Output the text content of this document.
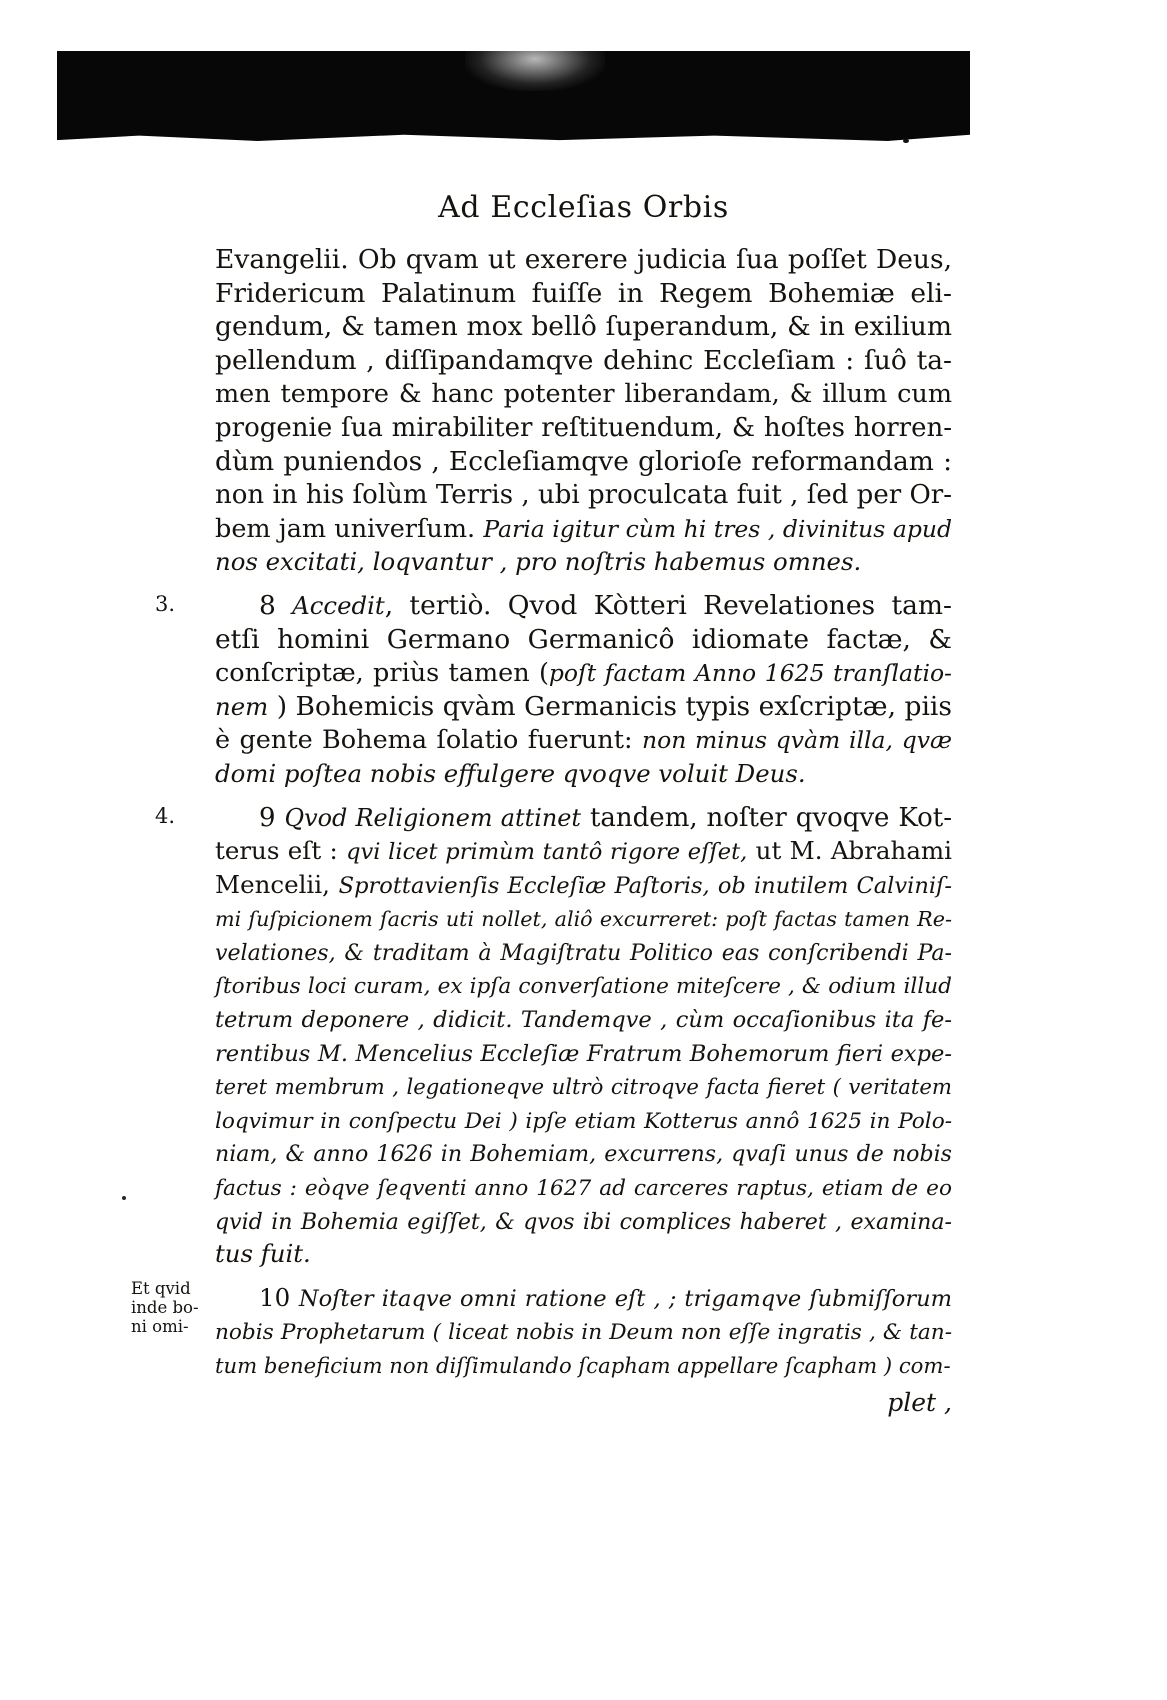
Ad Eccleſias Orbis
Evangelii. Ob qvam ut exerere judicia ſua poſſet Deus,
Fridericum Palatinum fuiſſe in Regem Bohemiæ eli-
gendum, & tamen mox bellô ſuperandum, & in exilium
pellendum , diſſipandamqve dehinc Eccleſiam : ſuô ta-
men tempore & hanc potenter liberandam, & illum cum
progenie ſua mirabiliter reſtituendum, & hoſtes horren-
dùm puniendos , Eccleſiamqve glorioſe reformandam :
non in his ſolùm Terris , ubi proculcata fuit , ſed per Or-
bem jam univerſum. Paria igitur cùm hi tres , divinitus apud
nos excitati, loqvantur , pro noſtris habemus omnes.
3.	8 Accedit, tertiò. Qvod Kòtteri Revelationes tam-
etſi homini Germano Germanicô idiomate factæ, &
conſcriptæ, priùs tamen (poſt factam Anno 1625 tranſlatio-
nem ) Bohemicis qvàm Germanicis typis exſcriptæ, piis
è gente Bohema ſolatio fuerunt: non minus qvàm illa, qvæ
domi poſtea nobis effulgere qvoqve voluit Deus.
4.	9 Qvod Religionem attinet tandem, noſter qvoqve Kot-
terus eſt : qvi licet primùm tantô rigore eſſet, ut M. Abrahami
Mencelii, Sprottavienſis Eccleſiæ Paſtoris, ob inutilem Calviniſ-
mi ſuſpicionem ſacris uti nollet, aliô excurreret: poſt factas tamen Re-
velationes, & traditam à Magiſtratu Politico eas conſcribendi Pa-
ſtoribus loci curam, ex ipſa converſatione miteſcere , & odium illud
tetrum deponere , didicit. Tandemqve , cùm occaſionibus ita fe-
rentibus M. Mencelius Eccleſiæ Fratrum Bohemorum fieri expe-
teret membrum , legationeqve ultrò citroqve facta fieret ( veritatem
loqvimur in conſpectu Dei ) ipſe etiam Kotterus annô 1625 in Polo-
niam, & anno 1626 in Bohemiam, excurrens, qvaſi unus de nobis
factus : eòqve ſeqventi anno 1627 ad carceres raptus, etiam de eo
qvid in Bohemia egiſſet, & qvos ibi complices haberet , examina-
tus fuit.
Et qvid
inde bo-
ni omi-
10 Noſter itaqve omni ratione eſt , ; trigamqve ſubmiſſorum
nobis Prophetarum ( liceat nobis in Deum non eſſe ingratis , & tan-
tum beneficium non diſſimulando ſcapham appellare ſcapham ) com-
plet ,
